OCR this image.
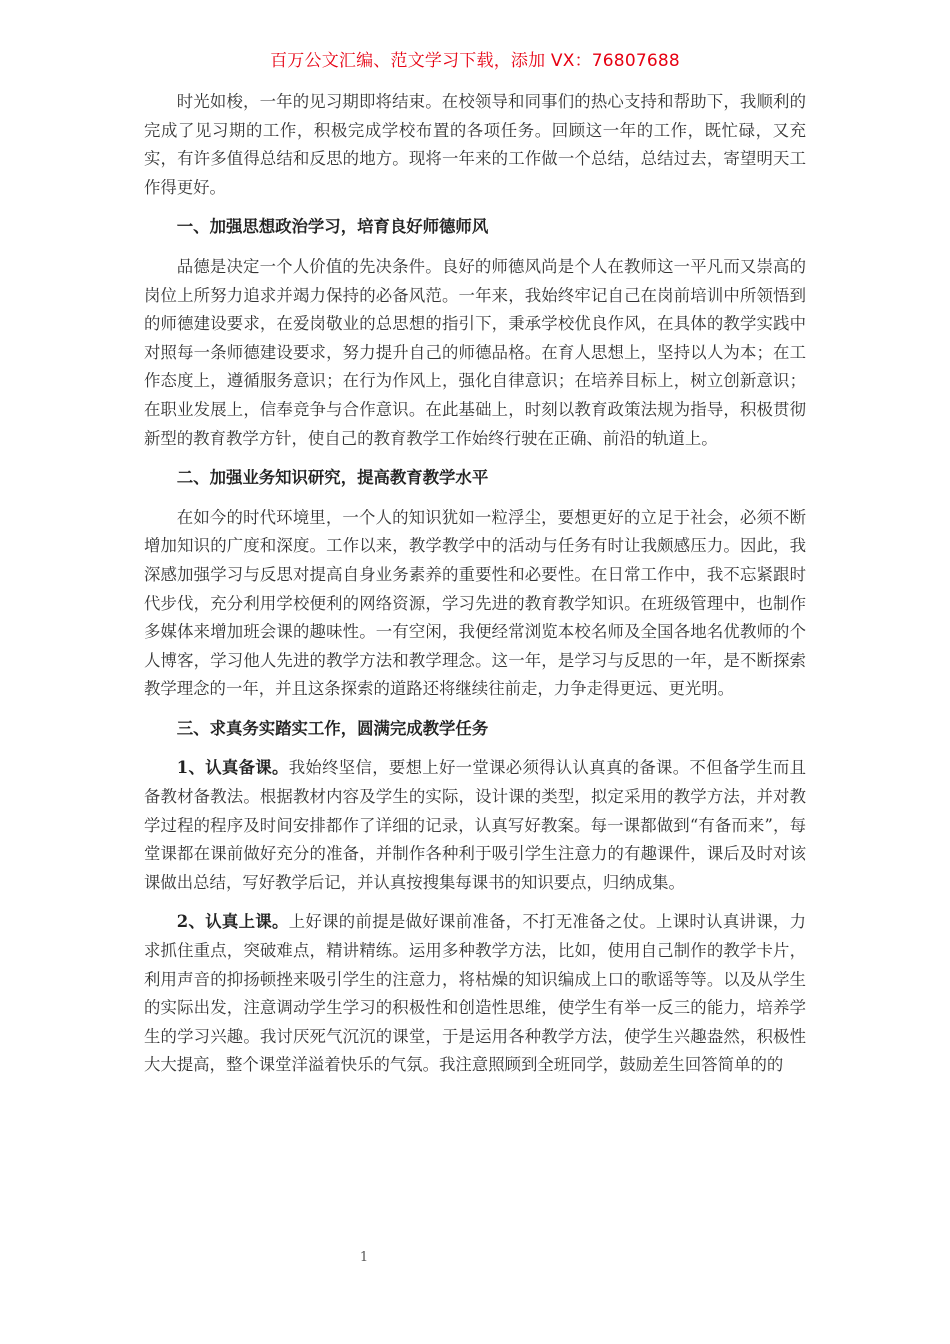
百万公文汇编、范文学习下载，添加 VX：76807688

时光如梭，一年的见习期即将结束。在校领导和同事们的热心支持和帮助下，我顺利的完成了见习期的工作，积极完成学校布置的各项任务。回顾这一年的工作，既忙碌，又充实，有许多值得总结和反思的地方。现将一年来的工作做一个总结，总结过去，寄望明天工作得更好。

一、加强思想政治学习，培育良好师德师风

品德是决定一个人价值的先决条件。良好的师德风尚是个人在教师这一平凡而又崇高的岗位上所努力追求并竭力保持的必备风范。一年来，我始终牢记自己在岗前培训中所领悟到的师德建设要求，在爱岗敬业的总思想的指引下，秉承学校优良作风，在具体的教学实践中对照每一条师德建设要求，努力提升自己的师德品格。在育人思想上，坚持以人为本；在工作态度上，遵循服务意识；在行为作风上，强化自律意识；在培养目标上，树立创新意识；在职业发展上，信奉竞争与合作意识。在此基础上，时刻以教育政策法规为指导，积极贯彻新型的教育教学方针，使自己的教育教学工作始终行驶在正确、前沿的轨道上。

二、加强业务知识研究，提高教育教学水平

在如今的时代环境里，一个人的知识犹如一粒浮尘，要想更好的立足于社会，必须不断增加知识的广度和深度。工作以来，教学教学中的活动与任务有时让我颇感压力。因此，我深感加强学习与反思对提高自身业务素养的重要性和必要性。在日常工作中，我不忘紧跟时代步伐，充分利用学校便利的网络资源，学习先进的教育教学知识。在班级管理中，也制作多媒体来增加班会课的趣味性。一有空闲，我便经常浏览本校名师及全国各地名优教师的个人博客，学习他人先进的教学方法和教学理念。这一年，是学习与反思的一年，是不断探索教学理念的一年，并且这条探索的道路还将继续往前走，力争走得更远、更光明。

三、求真务实踏实工作，圆满完成教学任务

1、认真备课。我始终坚信，要想上好一堂课必须得认认真真的备课。不但备学生而且备教材备教法。根据教材内容及学生的实际，设计课的类型，拟定采用的教学方法，并对教学过程的程序及时间安排都作了详细的记录，认真写好教案。每一课都做到“有备而来”，每堂课都在课前做好充分的准备，并制作各种利于吸引学生注意力的有趣课件，课后及时对该课做出总结，写好教学后记，并认真按搜集每课书的知识要点，归纳成集。

2、认真上课。上好课的前提是做好课前准备，不打无准备之仗。上课时认真讲课，力求抓住重点，突破难点，精讲精练。运用多种教学方法，比如，使用自己制作的教学卡片，利用声音的抑扬顿挫来吸引学生的注意力，将枯燥的知识编成上口的歌谣等等。以及从学生的实际出发，注意调动学生学习的积极性和创造性思维，使学生有举一反三的能力，培养学生的学习兴趣。我讨厌死气沉沉的课堂，于是运用各种教学方法，使学生兴趣盎然，积极性大大提高，整个课堂洋溢着快乐的气氛。我注意照顾到全班同学，鼓励差生回答简单的的

1
